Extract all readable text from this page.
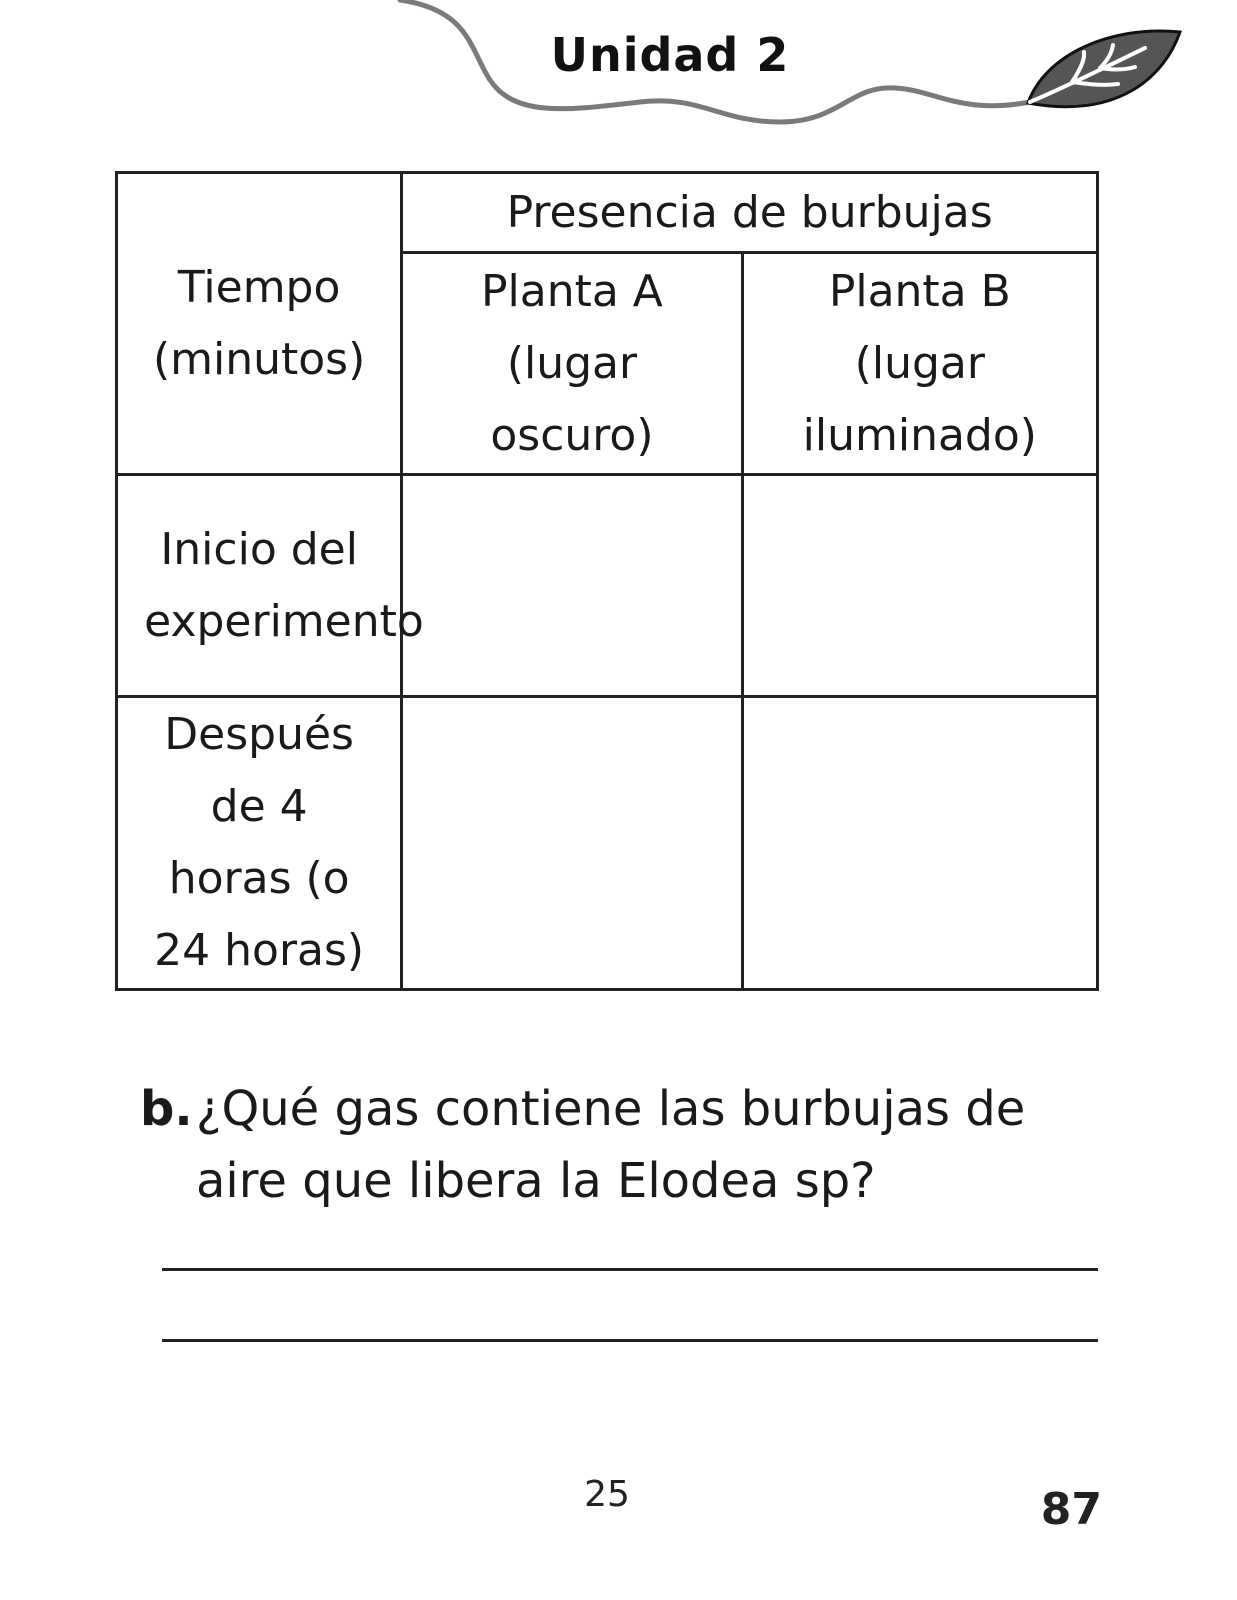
Unidad 2
Tiempo (minutos)	Presencia de burbujas	
	Planta A (lugar oscuro)	Planta B (lugar iluminado)
Inicio del experimento		
Después de 4 horas (o 24 horas)		
b. ¿Qué gas contiene las burbujas de aire que libera la Elodea sp?
25	87
